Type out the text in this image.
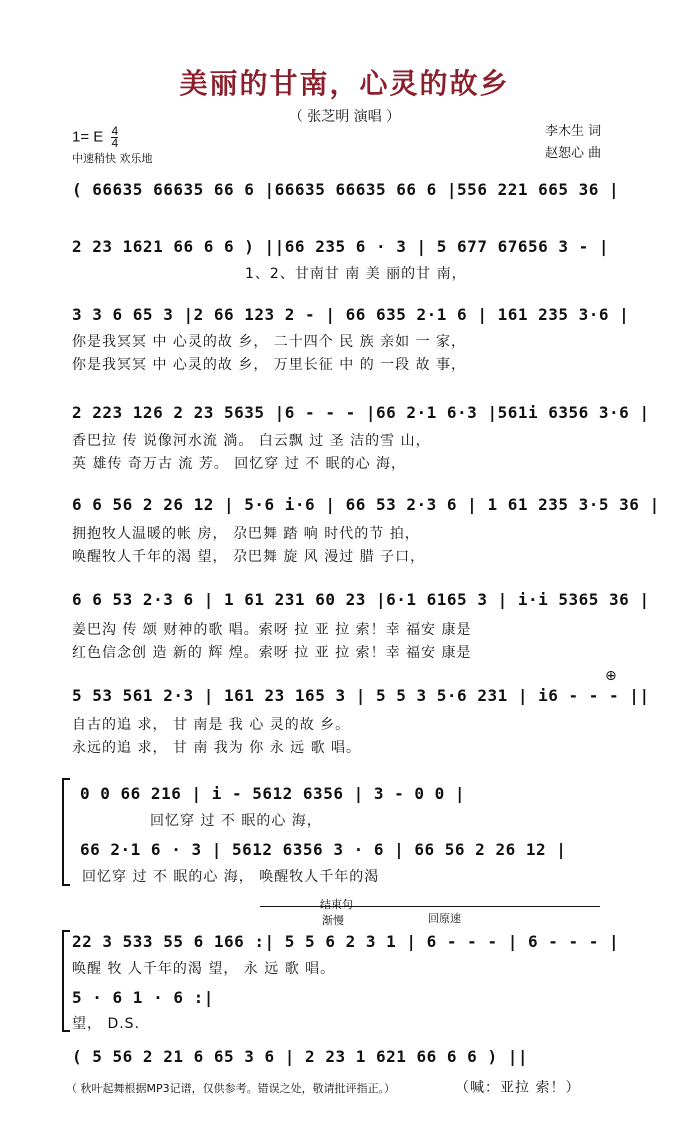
美丽的甘南，心灵的故乡
（ 张芝明 演唱 ）
1= E $\frac{4}{4}$
中速稍快 欢乐地
李木生 词
赵恕心 曲
( 66635 66635 66 6 |66635 66635 66 6 |556 221 665 36 |
2 23 1621 66 6 6 ) ||66 235 6 · 3 | 5 677 67656 3 - |
1、2、甘南甘 南 美 丽的甘 南，
3 3 6 65 3 |2 66 123 2 - | 66 635 2·1 6 | 161 235 3·6 |
你是我冥冥 中 心灵的故 乡， 二十四个 民 族 亲如 一 家，
你是我冥冥 中 心灵的故 乡， 万里长征 中 的 一段 故 事，
2 223 126 2 23 5635 |6 - - - |66 2·1 6·3 |561i 6356 3·6 |
香巴拉 传 说像河水流 淌。 白云飘 过 圣 洁的雪 山，
英 雄传 奇万古 流 芳。 回忆穿 过 不 眠的心 海，
6 6 56 2 26 12 | 5·6 i·6 | 66 53 2·3 6 | 1 61 235 3·5 36 |
拥抱牧人温暖的帐 房， 尕巴舞 踏 响 时代的节 拍，
唤醒牧人千年的渴 望， 尕巴舞 旋 风 漫过 腊 子口，
6 6 53 2·3 6 | 1 61 231 60 23 |6·1 6165 3 | i·i 5365 36 |
姜巴沟 传 颂 财神的歌 唱。索呀 拉 亚 拉 索！幸 福安 康是
红色信念创 造 新的 辉 煌。索呀 拉 亚 拉 索！幸 福安 康是
5 53 561 2·3 | 161 23 165 3 | 5 5 3 5·6 231 | i6 - - - ||
自古的追 求， 甘 南是 我 心 灵的故 乡。
永远的追 求， 甘 南 我为 你 永 远 歌 唱。
⊕
0 0 66 216 | i - 5612 6356 | 3 - 0 0 |
回忆穿 过 不 眠的心 海，
66 2·1 6 · 3 | 5612 6356 3 · 6 | 66 56 2 26 12 |
回忆穿 过 不 眠的心 海， 唤醒牧人千年的渴
结束句
渐慢	回原速
22 3 533 55 6 166 :| 5 5 6 2 3 1 | 6 - - - | 6 - - - |
唤醒 牧 人千年的渴 望， 永 远 歌 唱。
5 · 6 1 · 6 :|
望， D.S.
( 5 56 2 21 6 65 3 6 | 2 23 1 621 66 6 6 ) ||
（ 秋叶起舞根据MP3记谱，仅供参考。错误之处，敬请批评指正。）	（喊：亚拉 索！）
